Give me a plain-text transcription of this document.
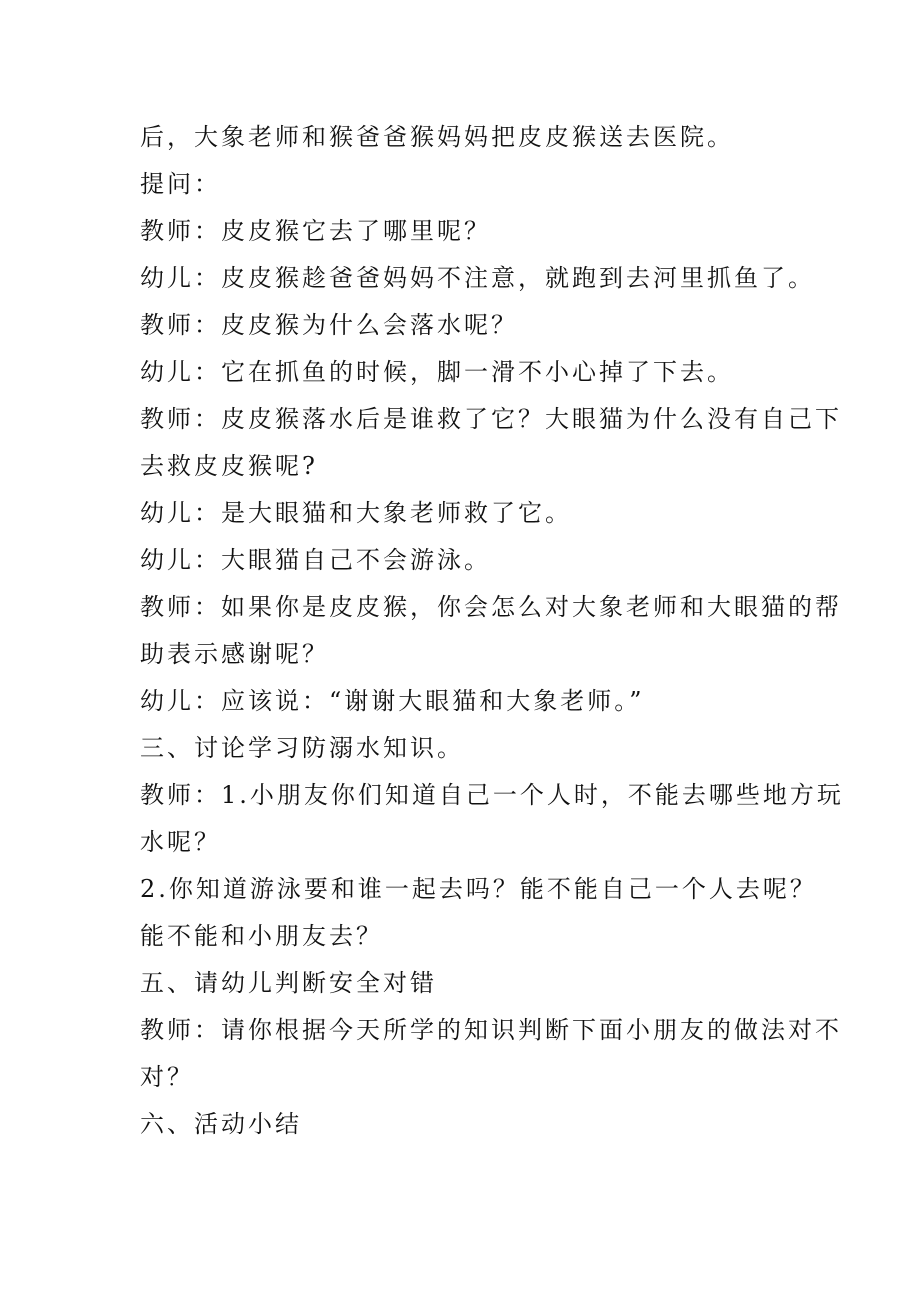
后，大象老师和猴爸爸猴妈妈把皮皮猴送去医院。
提问：
教师：皮皮猴它去了哪里呢？
幼儿：皮皮猴趁爸爸妈妈不注意，就跑到去河里抓鱼了。
教师：皮皮猴为什么会落水呢？
幼儿：它在抓鱼的时候，脚一滑不小心掉了下去。
教师：皮皮猴落水后是谁救了它？大眼猫为什么没有自己下
去救皮皮猴呢?
幼儿：是大眼猫和大象老师救了它。
幼儿：大眼猫自己不会游泳。
教师：如果你是皮皮猴，你会怎么对大象老师和大眼猫的帮
助表示感谢呢？
幼儿：应该说：“谢谢大眼猫和大象老师。”
三、讨论学习防溺水知识。
教师：1.小朋友你们知道自己一个人时，不能去哪些地方玩
水呢？
2.你知道游泳要和谁一起去吗？能不能自己一个人去呢？
能不能和小朋友去？
五、请幼儿判断安全对错
教师：请你根据今天所学的知识判断下面小朋友的做法对不
对？
六、活动小结
